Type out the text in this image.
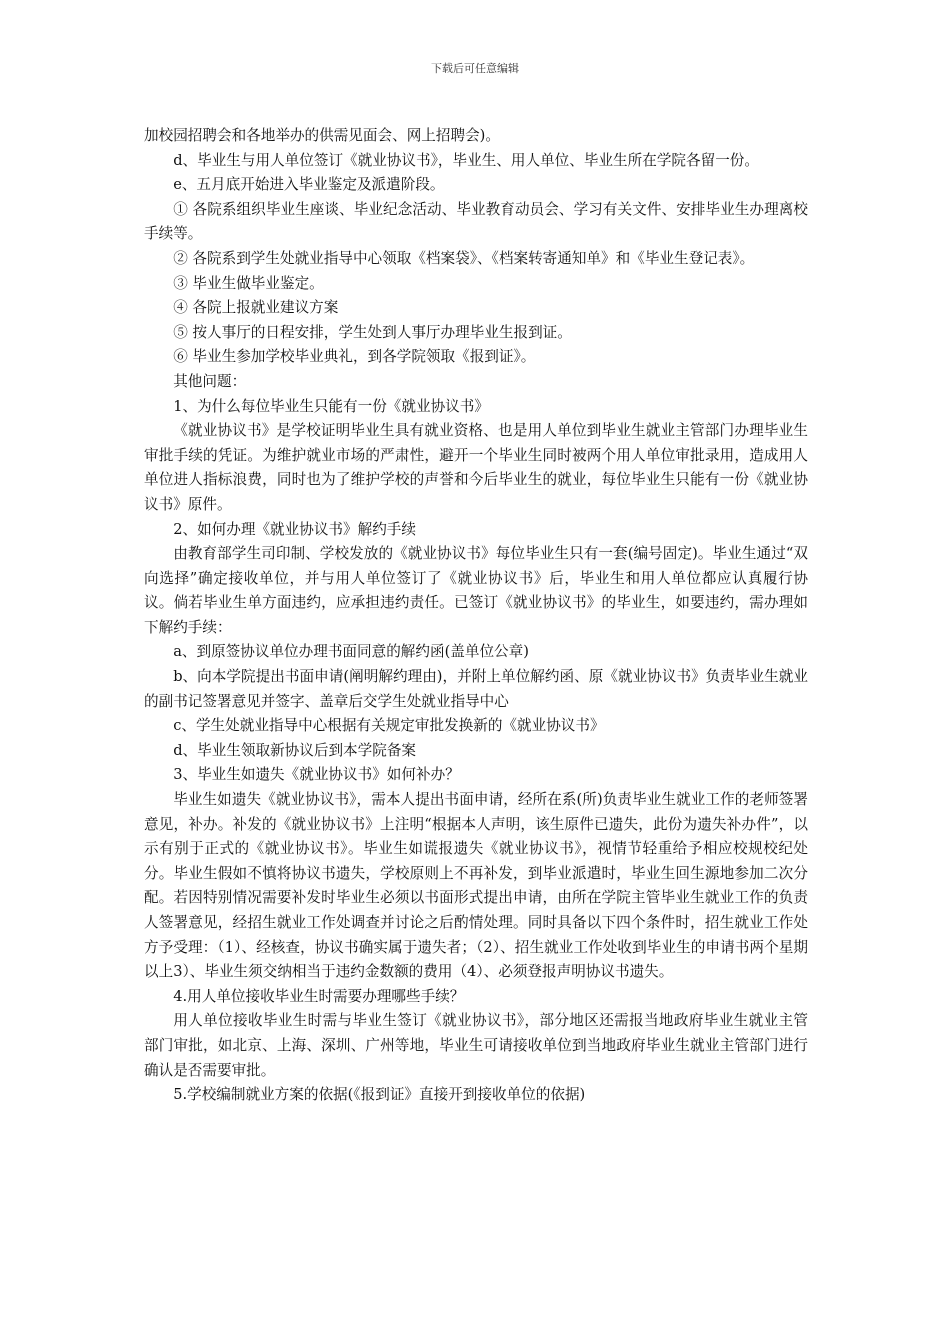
下载后可任意编辑

加校园招聘会和各地举办的供需见面会、网上招聘会)。

d、毕业生与用人单位签订《就业协议书》，毕业生、用人单位、毕业生所在学院各留一份。

e、五月底开始进入毕业鉴定及派遣阶段。

① 各院系组织毕业生座谈、毕业纪念活动、毕业教育动员会、学习有关文件、安排毕业生办理离校手续等。

② 各院系到学生处就业指导中心领取《档案袋》、《档案转寄通知单》和《毕业生登记表》。

③ 毕业生做毕业鉴定。

④ 各院上报就业建议方案

⑤ 按人事厅的日程安排，学生处到人事厅办理毕业生报到证。

⑥ 毕业生参加学校毕业典礼，到各学院领取《报到证》。

其他问题：

1、为什么每位毕业生只能有一份《就业协议书》

《就业协议书》是学校证明毕业生具有就业资格、也是用人单位到毕业生就业主管部门办理毕业生审批手续的凭证。为维护就业市场的严肃性，避开一个毕业生同时被两个用人单位审批录用，造成用人单位进人指标浪费，同时也为了维护学校的声誉和今后毕业生的就业，每位毕业生只能有一份《就业协议书》原件。

2、如何办理《就业协议书》解约手续

由教育部学生司印制、学校发放的《就业协议书》每位毕业生只有一套(编号固定)。毕业生通过“双向选择”确定接收单位，并与用人单位签订了《就业协议书》后，毕业生和用人单位都应认真履行协议。倘若毕业生单方面违约，应承担违约责任。已签订《就业协议书》的毕业生，如要违约，需办理如下解约手续：

a、到原签协议单位办理书面同意的解约函(盖单位公章)

b、向本学院提出书面申请(阐明解约理由)，并附上单位解约函、原《就业协议书》负责毕业生就业的副书记签署意见并签字、盖章后交学生处就业指导中心

c、学生处就业指导中心根据有关规定审批发换新的《就业协议书》

d、毕业生领取新协议后到本学院备案

3、毕业生如遗失《就业协议书》如何补办？

毕业生如遗失《就业协议书》，需本人提出书面申请，经所在系(所)负责毕业生就业工作的老师签署意见，补办。补发的《就业协议书》上注明“根据本人声明，该生原件已遗失，此份为遗失补办件”，以示有别于正式的《就业协议书》。毕业生如谎报遗失《就业协议书》，视情节轻重给予相应校规校纪处分。毕业生假如不慎将协议书遗失，学校原则上不再补发，到毕业派遣时，毕业生回生源地参加二次分配。若因特别情况需要补发时毕业生必须以书面形式提出申请，由所在学院主管毕业生就业工作的负责人签署意见，经招生就业工作处调查并讨论之后酌情处理。同时具备以下四个条件时，招生就业工作处方予受理：（1）、经核查，协议书确实属于遗失者；（2）、招生就业工作处收到毕业生的申请书两个星期以上3）、毕业生须交纳相当于违约金数额的费用（4）、必须登报声明协议书遗失。

4.用人单位接收毕业生时需要办理哪些手续？

用人单位接收毕业生时需与毕业生签订《就业协议书》，部分地区还需报当地政府毕业生就业主管部门审批，如北京、上海、深圳、广州等地，毕业生可请接收单位到当地政府毕业生就业主管部门进行确认是否需要审批。

5.学校编制就业方案的依据(《报到证》直接开到接收单位的依据)
